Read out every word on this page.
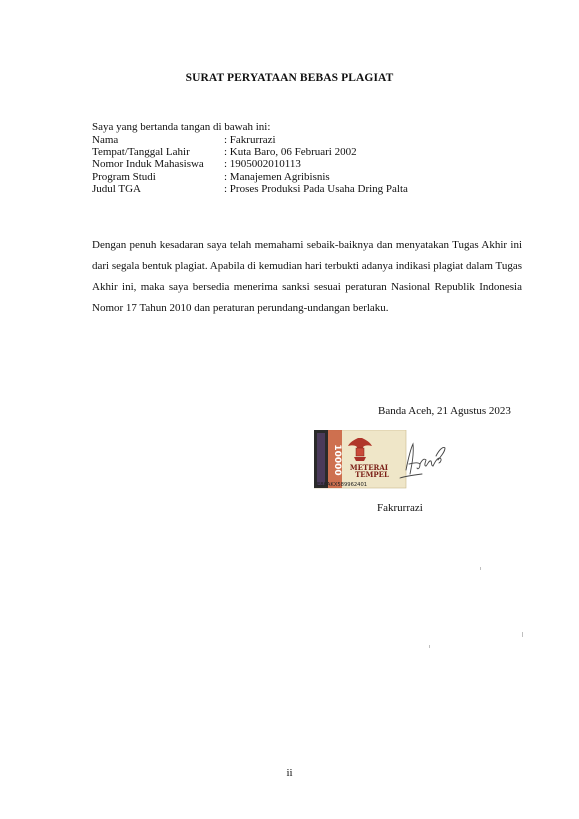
SURAT PERYATAAN BEBAS PLAGIAT
Saya yang bertanda tangan di bawah ini:
Nama	: Fakrurrazi
Tempat/Tanggal Lahir	: Kuta Baro, 06 Februari 2002
Nomor Induk Mahasiswa	: 1905002010113
Program Studi	: Manajemen Agribisnis
Judul TGA	: Proses Produksi Pada Usaha Dring Palta
Dengan penuh kesadaran saya telah memahami sebaik-baiknya dan menyatakan Tugas Akhir ini dari segala bentuk plagiat. Apabila di kemudian hari terbukti adanya indikasi plagiat dalam Tugas Akhir ini, maka saya bersedia menerima sanksi sesuai peraturan Nasional Republik Indonesia Nomor 17 Tahun 2010 dan peraturan perundang-undangan berlaku.
Banda Aceh, 21 Agustus 2023
10000 METERAI
TEMPEL
E86AKX589962401
Fakrurrazi
ii
